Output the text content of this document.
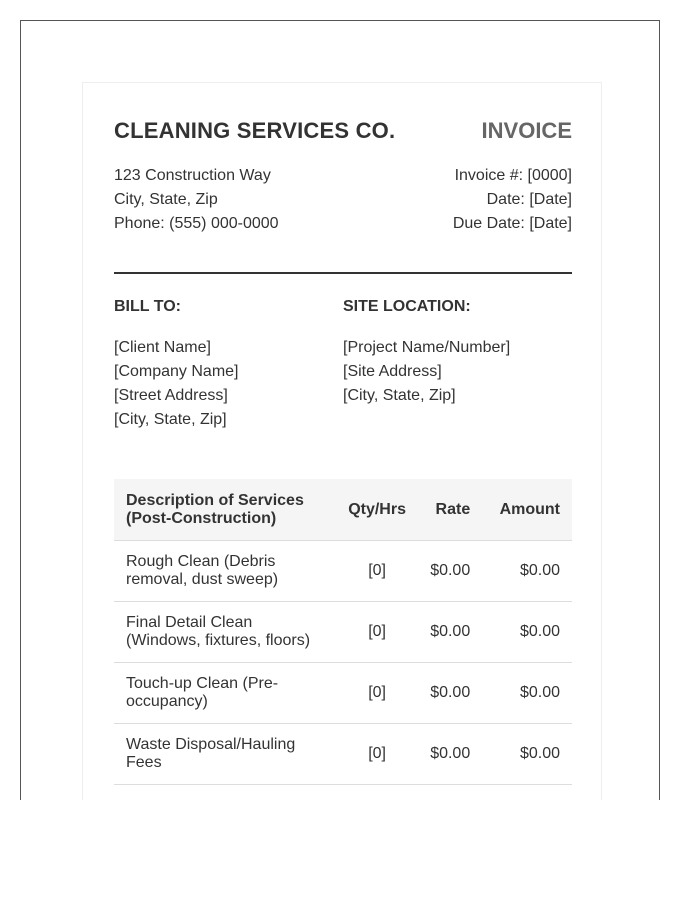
CLEANING SERVICES CO.	INVOICE
123 Construction Way
City, State, Zip
Phone: (555) 000-0000
Invoice #: [0000]
Date: [Date]
Due Date: [Date]
BILL TO:
[Client Name]
[Company Name]
[Street Address]
[City, State, Zip]
SITE LOCATION:
[Project Name/Number]
[Site Address]
[City, State, Zip]
Description of Services (Post-Construction)	Qty/Hrs	Rate	Amount
Rough Clean (Debris removal, dust sweep)	[0]	$0.00	$0.00
Final Detail Clean (Windows, fixtures, floors)	[0]	$0.00	$0.00
Touch-up Clean (Pre-occupancy)	[0]	$0.00	$0.00
Waste Disposal/Hauling Fees	[0]	$0.00	$0.00
